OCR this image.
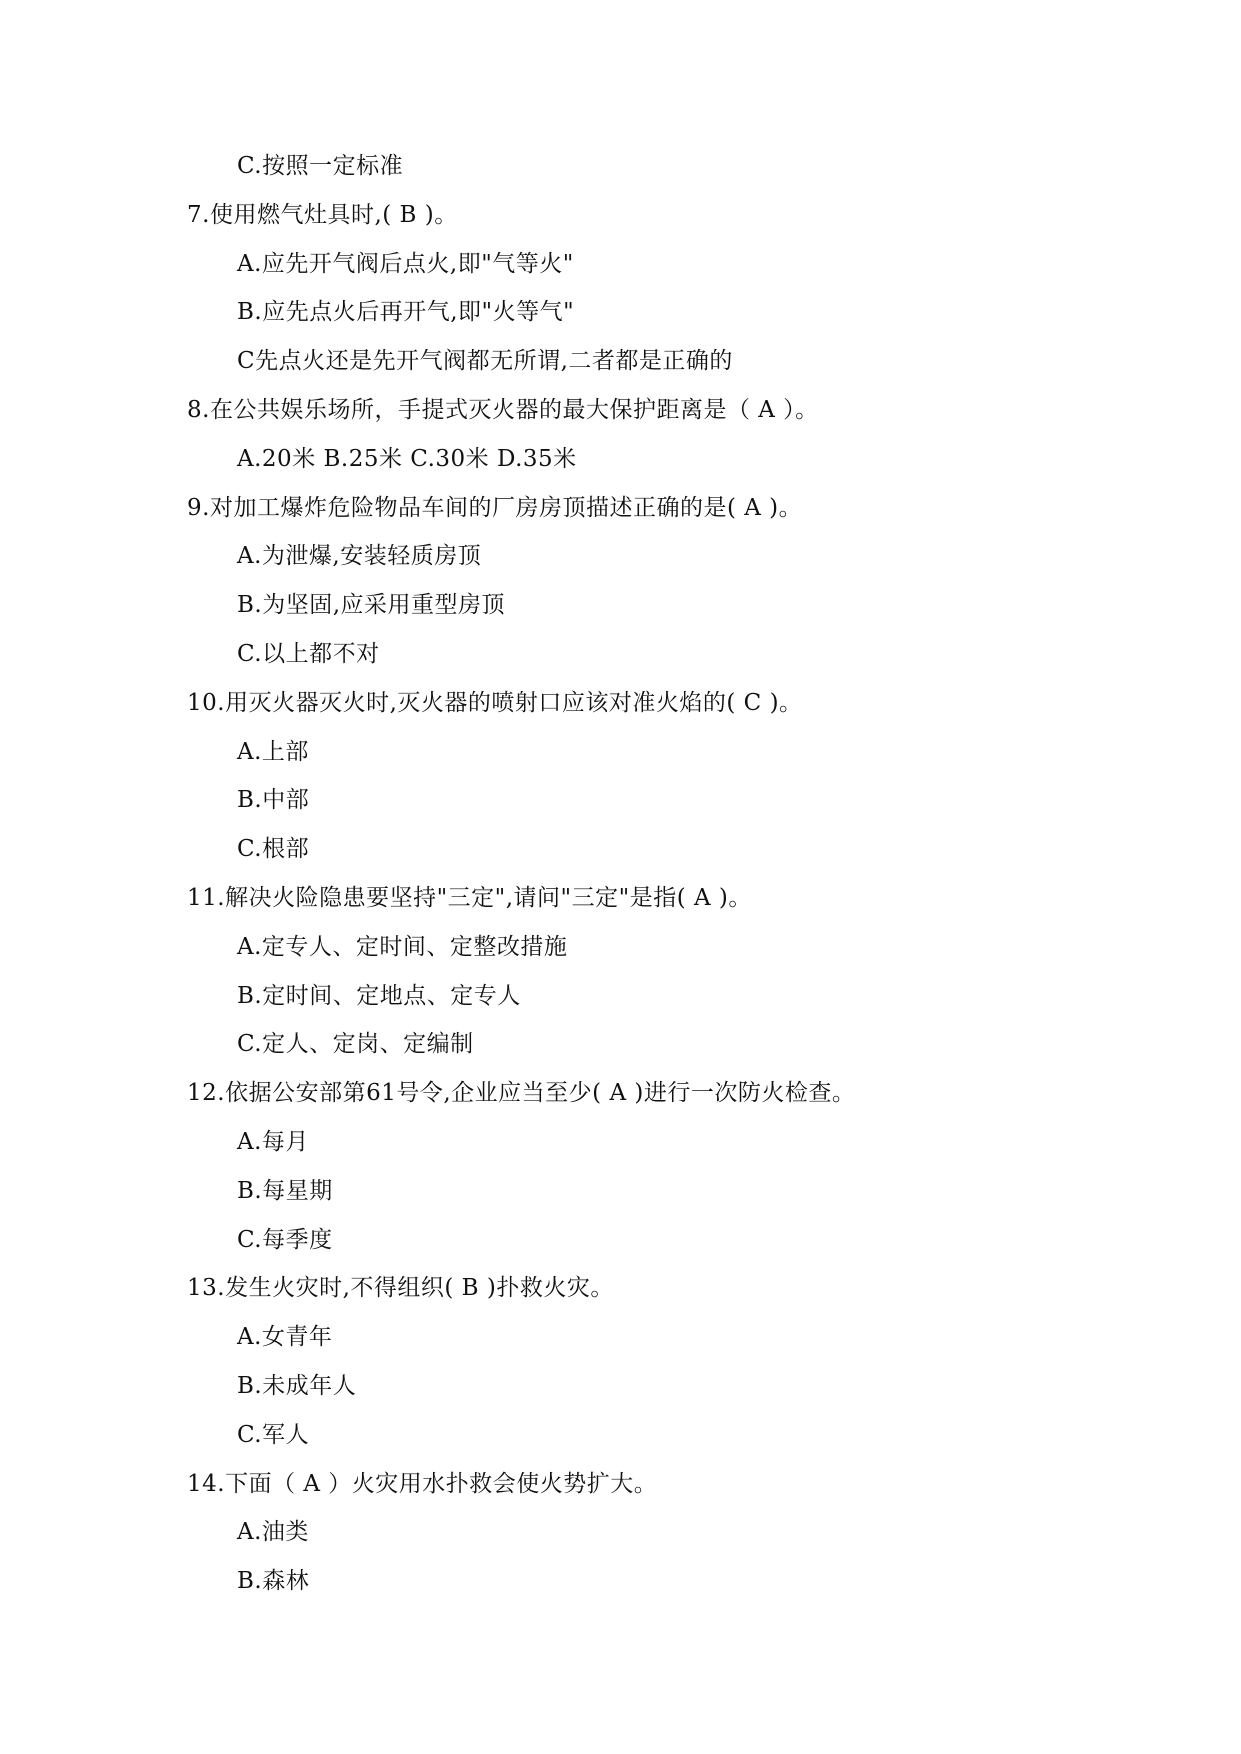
C.按照一定标准
7.使用燃气灶具时,( B )。
A.应先开气阀后点火,即"气等火"
B.应先点火后再开气,即"火等气"
C先点火还是先开气阀都无所谓,二者都是正确的
8.在公共娱乐场所，手提式灭火器的最大保护距离是（ A ）。
A.20米 B.25米 C.30米 D.35米
9.对加工爆炸危险物品车间的厂房房顶描述正确的是( A )。
A.为泄爆,安装轻质房顶
B.为坚固,应采用重型房顶
C.以上都不对
10.用灭火器灭火时,灭火器的喷射口应该对准火焰的( C )。
A.上部
B.中部
C.根部
11.解决火险隐患要坚持"三定",请问"三定"是指( A )。
A.定专人、定时间、定整改措施
B.定时间、定地点、定专人
C.定人、定岗、定编制
12.依据公安部第61号令,企业应当至少( A )进行一次防火检查。
A.每月
B.每星期
C.每季度
13.发生火灾时,不得组织( B )扑救火灾。
A.女青年
B.未成年人
C.军人
14.下面（ A ）火灾用水扑救会使火势扩大。
A.油类
B.森林
